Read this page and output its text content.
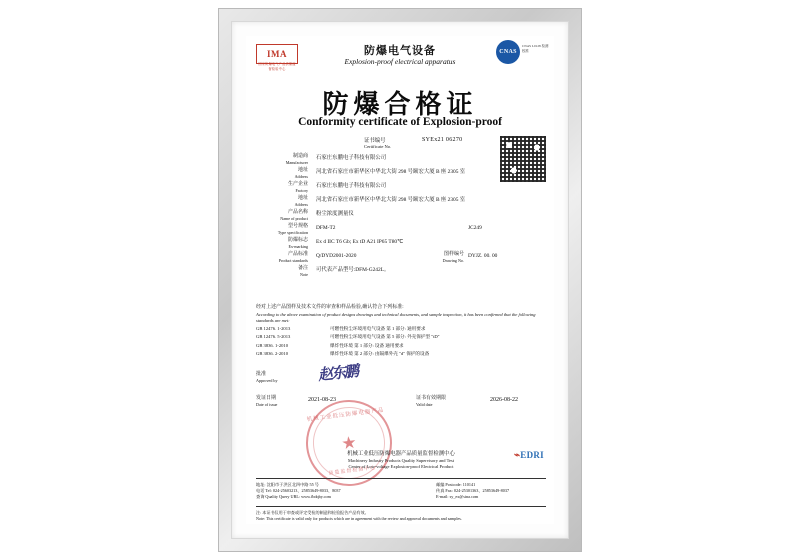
IMA
国家防爆电气产品质量监督检验中心
防爆电气设备
Explosion-proof electrical apparatus
CNAS
CNAS L0128 检测 校准
防爆合格证
Conformity certificate of Explosion-proof
证书编号
Certificate No.
SYEx21 06270
制造商
Manufacturer
石家庄东鹏电子科技有限公司
地址
Address
河北省石家庄市新华区中华北大街 298 号颐宏大厦 B 座 2305 室
生产企业
Factory
石家庄东鹏电子科技有限公司
地址
Address
河北省石家庄市新华区中华北大街 298 号颐宏大厦 B 座 2305 室
产品名称
Name of product
粉尘浓度测量仪
型号规格
Type specification
DFM-T2	JC249
防爆标志
Ex-marking
Ex d IIC T6 Gb; Ex tD A21 IP65 T80℃
产品标准
Product standards
Q/DYD2001-2020	图样编号
Drawing No.
DYJZ. 00. 00
备注
Note
可代表产品型号:DFM-G242L。
经对上述产品图样及技术文件的审查和样品检验,确认符合下列标准:
According to the above examination of product designs drawings and technical documents, and sample inspection, it has been confirmed that the following standards are met:
GB 12476. 1-2013	可燃性粉尘环境用电气设备 第 1 部分: 通用要求
GB 12476. 5-2013	可燃性粉尘环境用电气设备 第 5 部分: 外壳保护型 "tD"
GB 3836. 1-2010	爆炸性环境 第 1 部分: 设备 通用要求
GB 3836. 2-2010	爆炸性环境 第 2 部分: 由隔爆外壳 "d" 保护的设备
批准
Approved by	赵东鹏
发证日期
Date of issue
2021-08-23	证书有效期限
Valid date
2026-08-22
机械工业低压防爆电器产品
★
质量监督检测中心
机械工业低压防爆电器产品质量监督检测中心
Machinery Industry Products Quality Supervisory and Test
Center of Low-voltage Explosion-proof Electrical Product
⌁EDRI
地址: 沈阳市于洪区北四中路 55 号
电话 Tel: 024-25603213、25853649-8033、8037
查询 Quality Query URL: www.fbdqby.com
邮编 Postcode: 110141
传真 Fax: 024-25301363、25853649-8037
E-mail: sy_ex@sina.com
注: 本证书仅用于审查或评定受检的制造和检验报告产品有效。
Note: This certificate is valid only for products which are in agreement with the review and approval documents and samples.
